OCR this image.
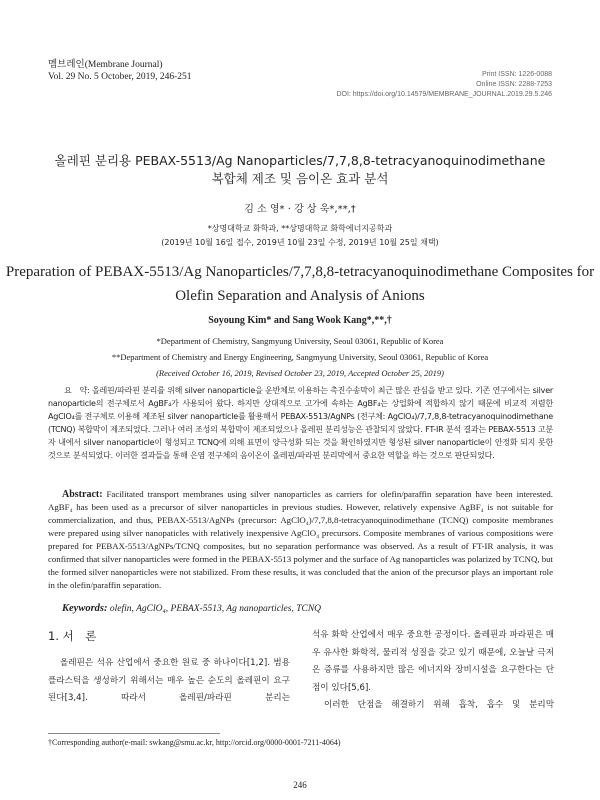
멤브레인(Membrane Journal)
Vol. 29 No. 5 October, 2019, 246-251	Print ISSN: 1226-0088
Online ISSN: 2288-7253
DOI: https://doi.org/10.14579/MEMBRANE_JOURNAL.2019.29.5.246
올레핀 분리용 PEBAX-5513/Ag Nanoparticles/7,7,8,8-tetracyanoquinodimethane
복합체 제조 및 음이온 효과 분석
김 소 영* · 강 상 욱*,**,†
*상명대학교 화학과, **상명대학교 화학에너지공학과
(2019년 10월 16일 접수, 2019년 10월 23일 수정, 2019년 10월 25일 채택)
Preparation of PEBAX-5513/Ag Nanoparticles/7,7,8,8-tetracyanoquinodimethane Composites for
Olefin Separation and Analysis of Anions
Soyoung Kim* and Sang Wook Kang*,**,†
*Department of Chemistry, Sangmyung University, Seoul 03061, Republic of Korea
**Department of Chemistry and Energy Engineering, Sangmyung University, Seoul 03061, Republic of Korea
(Received October 16, 2019, Revised October 23, 2019, Accepted October 25, 2019)
요　약: 올레핀/파라핀 분리를 위해 silver nanoparticle을 운반체로 이용하는 촉진수송막이 최근 많은 관심을 받고 있다. 기존 연구에서는 silver nanoparticle의 전구체로서 AgBF₄가 사용되어 왔다. 하지만 상대적으로 고가에 속하는 AgBF₄는 상업화에 적합하지 않기 때문에 비교적 저렴한 AgClO₄를 전구체로 이용해 제조된 silver nanoparticle를 활용해서 PEBAX-5513/AgNPs (전구체: AgClO₄)/7,7,8,8-tetracyanoquinodimethane (TCNQ) 복합막이 제조되었다. 그러나 여러 조성의 복합막이 제조되었으나 올레핀 분리성능은 관찰되지 않았다. FT-IR 분석 결과는 PEBAX-5513 고분자 내에서 silver nanoparticle이 형성되고 TCNQ에 의해 표면이 양극성화 되는 것을 확인하였지만 형성된 silver nanoparticle이 안정화 되지 못한 것으로 분석되었다. 이러한 결과들을 통해 은염 전구체의 음이온이 올레핀/파라핀 분리막에서 중요한 역할을 하는 것으로 판단되었다.
Abstract: Facilitated transport membranes using silver nanoparticles as carriers for olefin/paraffin separation have been interested. AgBF₄ has been used as a precursor of silver nanoparticles in previous studies. However, relatively expensive AgBF₄ is not suitable for commercialization, and thus, PEBAX-5513/AgNPs (precursor: AgClO₄)/7,7,8,8-tetracyanoquinodimethane (TCNQ) composite membranes were prepared using silver nanopaticles with relatively inexpensive AgClO₄ precursors. Composite membranes of various compositions were prepared for PEBAX-5513/AgNPs/TCNQ composites, but no separation performance was observed. As a result of FT-IR analysis, it was confirmed that silver nanoparticles were formed in the PEBAX-5513 polymer and the surface of Ag nanoparticles was polarized by TCNQ, but the formed silver nanoparticles were not stabilized. From these results, it was concluded that the anion of the precursor plays an important role in the olefin/paraffin separation.
Keywords: olefin, AgClO₄, PEBAX-5513, Ag nanoparticles, TCNQ
1. 서　론

올레핀은 석유 산업에서 중요한 원료 중 하나이다[1,2]. 범용 플라스틱을 생성하기 위해서는 매우 높은 순도의 올레핀이 요구된다[3,4]. 따라서 올레핀/파라핀 분리는

석유 화학 산업에서 매우 중요한 공정이다. 올레핀과 파라핀은 매우 유사한 화학적, 물리적 성질을 갖고 있기 때문에, 오늘날 극저온 증류를 사용하지만 많은 에너지와 장비시설을 요구한다는 단점이 있다[5,6].

이러한 단점을 해결하기 위해 흡착, 흡수 및 분리막

†Corresponding author(e-mail: swkang@smu.ac.kr, http://orcid.org/0000-0001-7211-4064)
246
